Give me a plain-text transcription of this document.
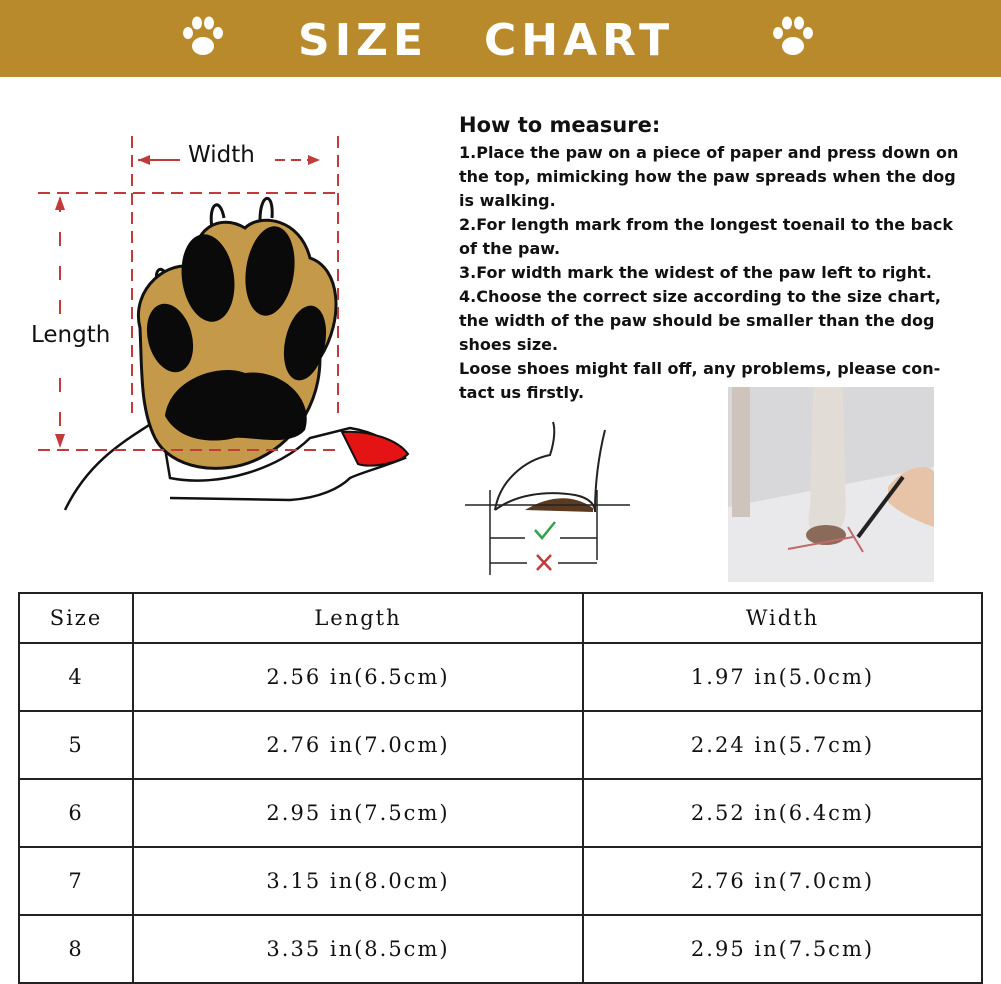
SIZE CHART
Width
Length

How to measure:

1.Place the paw on a piece of paper and press down on

the top, mimicking how the paw spreads when the dog

is walking.

2.For length mark from the longest toenail to the back

of the paw.

3.For width mark the widest of the paw left to right.

4.Choose the correct size according to the size chart,

the width of the paw should be smaller than the dog

shoes size.

Loose shoes might fall off, any problems, please con-

tact us firstly.

Size	Length	Width
4	2.56 in(6.5cm)	1.97 in(5.0cm)
5	2.76 in(7.0cm)	2.24 in(5.7cm)
6	2.95 in(7.5cm)	2.52 in(6.4cm)
7	3.15 in(8.0cm)	2.76 in(7.0cm)
8	3.35 in(8.5cm)	2.95 in(7.5cm)
